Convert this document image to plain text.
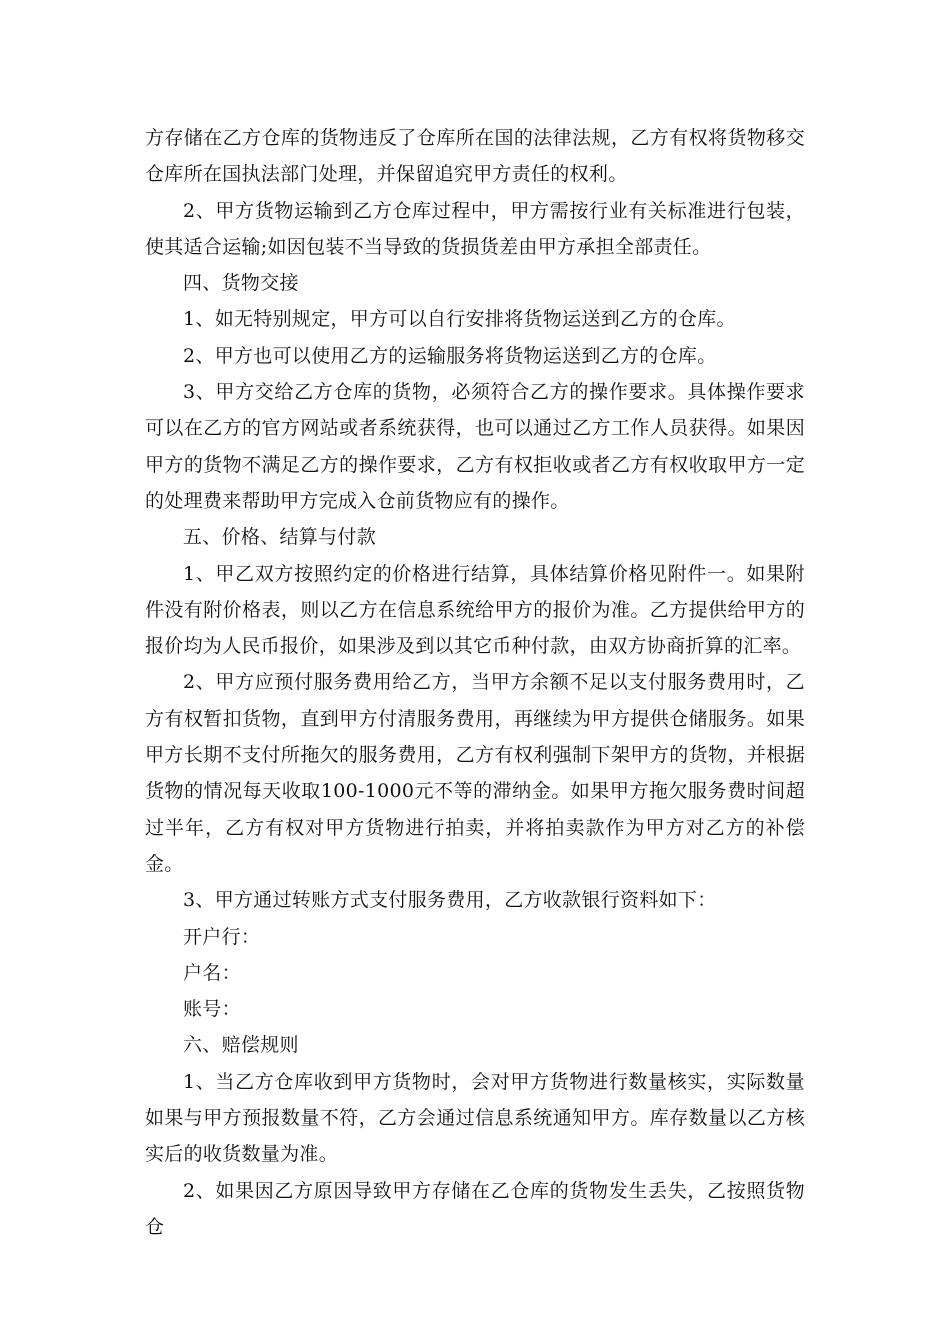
方存储在乙方仓库的货物违反了仓库所在国的法律法规，乙方有权将货物移交仓库所在国执法部门处理，并保留追究甲方责任的权利。

2、甲方货物运输到乙方仓库过程中，甲方需按行业有关标准进行包装，使其适合运输;如因包装不当导致的货损货差由甲方承担全部责任。

四、货物交接

1、如无特别规定，甲方可以自行安排将货物运送到乙方的仓库。

2、甲方也可以使用乙方的运输服务将货物运送到乙方的仓库。

3、甲方交给乙方仓库的货物，必须符合乙方的操作要求。具体操作要求可以在乙方的官方网站或者系统获得，也可以通过乙方工作人员获得。如果因甲方的货物不满足乙方的操作要求，乙方有权拒收或者乙方有权收取甲方一定的处理费来帮助甲方完成入仓前货物应有的操作。

五、价格、结算与付款

1、甲乙双方按照约定的价格进行结算，具体结算价格见附件一。如果附件没有附价格表，则以乙方在信息系统给甲方的报价为准。乙方提供给甲方的报价均为人民币报价，如果涉及到以其它币种付款，由双方协商折算的汇率。

2、甲方应预付服务费用给乙方，当甲方余额不足以支付服务费用时，乙方有权暂扣货物，直到甲方付清服务费用，再继续为甲方提供仓储服务。如果甲方长期不支付所拖欠的服务费用，乙方有权利强制下架甲方的货物，并根据货物的情况每天收取100-1000元不等的滞纳金。如果甲方拖欠服务费时间超过半年，乙方有权对甲方货物进行拍卖，并将拍卖款作为甲方对乙方的补偿金。

3、甲方通过转账方式支付服务费用，乙方收款银行资料如下：

开户行：

户名：

账号：

六、赔偿规则

1、当乙方仓库收到甲方货物时，会对甲方货物进行数量核实，实际数量如果与甲方预报数量不符，乙方会通过信息系统通知甲方。库存数量以乙方核实后的收货数量为准。

2、如果因乙方原因导致甲方存储在乙仓库的货物发生丢失，乙按照货物仓
